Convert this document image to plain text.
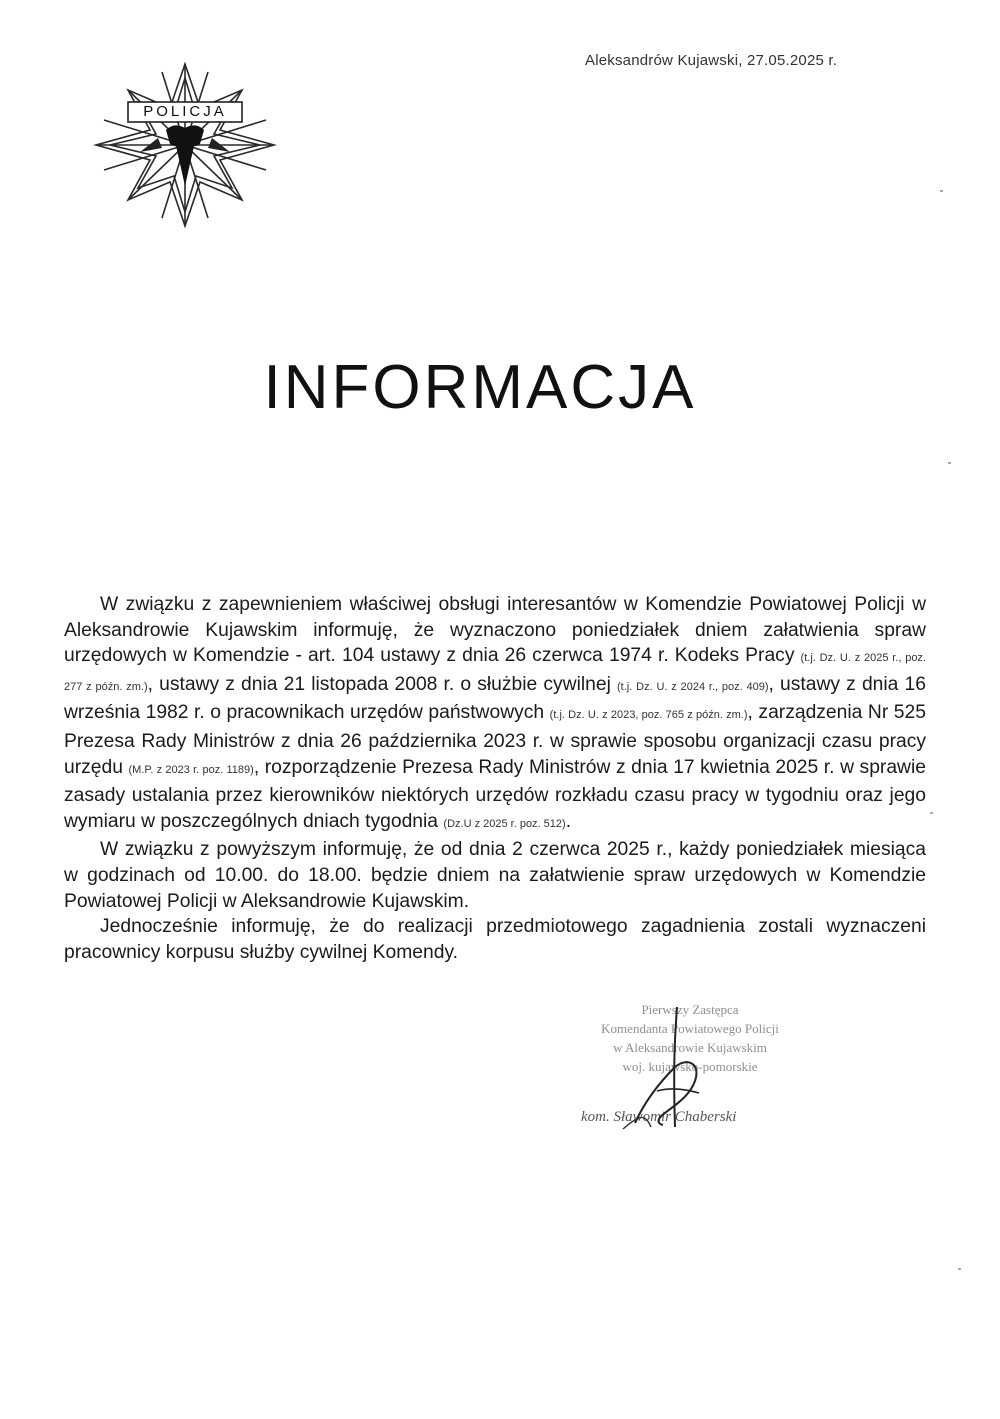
Aleksandrów Kujawski, 27.05.2025 r.
POLICJA
INFORMACJA

W związku z zapewnieniem właściwej obsługi interesantów w Komendzie Powiatowej Policji w Aleksandrowie Kujawskim informuję, że wyznaczono poniedziałek dniem załatwienia spraw urzędowych w Komendzie - art. 104 ustawy z dnia 26 czerwca 1974 r. Kodeks Pracy (t.j. Dz. U. z 2025 r., poz. 277 z późn. zm.), ustawy z dnia 21 listopada 2008 r. o służbie cywilnej (t.j. Dz. U. z 2024 r., poz. 409), ustawy z dnia 16 września 1982 r. o pracownikach urzędów państwowych (t.j. Dz. U. z 2023, poz. 765 z późn. zm.), zarządzenia Nr 525 Prezesa Rady Ministrów z dnia 26 października 2023 r. w sprawie sposobu organizacji czasu pracy urzędu (M.P. z 2023 r. poz. 1189), rozporządzenie Prezesa Rady Ministrów z dnia 17 kwietnia 2025 r. w sprawie zasady ustalania przez kierowników niektórych urzędów rozkładu czasu pracy w tygodniu oraz jego wymiaru w poszczególnych dniach tygodnia (Dz.U z 2025 r. poz. 512).

W związku z powyższym informuję, że od dnia 2 czerwca 2025 r., każdy poniedziałek miesiąca w godzinach od 10.00. do 18.00. będzie dniem na załatwienie spraw urzędowych w Komendzie Powiatowej Policji w Aleksandrowie Kujawskim.

Jednocześnie informuję, że do realizacji przedmiotowego zagadnienia zostali wyznaczeni pracownicy korpusu służby cywilnej Komendy.

Pierwszy Zastępca
Komendanta Powiatowego Policji
w Aleksandrowie Kujawskim
woj. kujawsko-pomorskie
kom. Sławomir Chaberski
